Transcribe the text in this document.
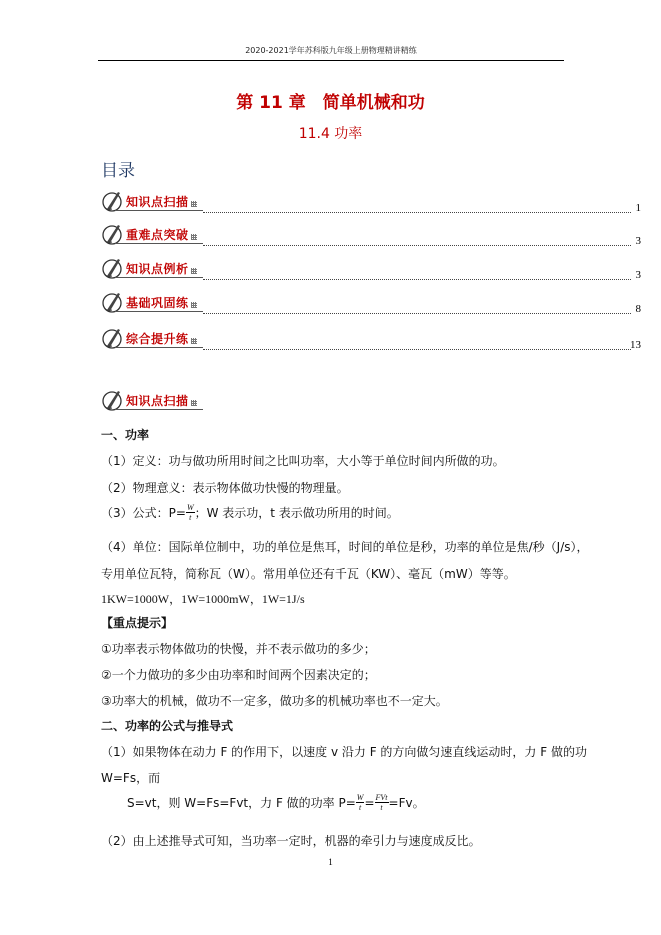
2020-2021学年苏科版九年级上册物理精讲精练
第 11 章　简单机械和功
11.4 功率
目录
知识点扫描	1
重难点突破	3
知识点例析	3
基础巩固练	8
综合提升练	13
知识点扫描
一、功率
（1）定义：功与做功所用时间之比叫功率，大小等于单位时间内所做的功。
（2）物理意义：表示物体做功快慢的物理量。
（3）公式：$P= \frac{W}{t}$ ；W 表示功，t 表示做功所用的时间。
（4）单位：国际单位制中，功的单位是焦耳，时间的单位是秒，功率的单位是焦/秒（J/s），
专用单位瓦特，简称瓦（W）。常用单位还有千瓦（KW）、毫瓦（mW）等等。
1KW=1000W，1W=1000mW，1W=1J/s
【重点提示】
①功率表示物体做功的快慢，并不表示做功的多少；
②一个力做功的多少由功率和时间两个因素决定的；
③功率大的机械，做功不一定多，做功多的机械功率也不一定大。
二、功率的公式与推导式
（1）如果物体在动力 F 的作用下，以速度 v 沿力 F 的方向做匀速直线运动时，力 F 做的功
W=Fs，而
S=vt，则 W=Fs=Fvt，力 F 做的功率 $P= \frac{W}{t} = \frac{\text{FVt}}{t} =Fv$。
（2）由上述推导式可知，当功率一定时，机器的牵引力与速度成反比。
1
